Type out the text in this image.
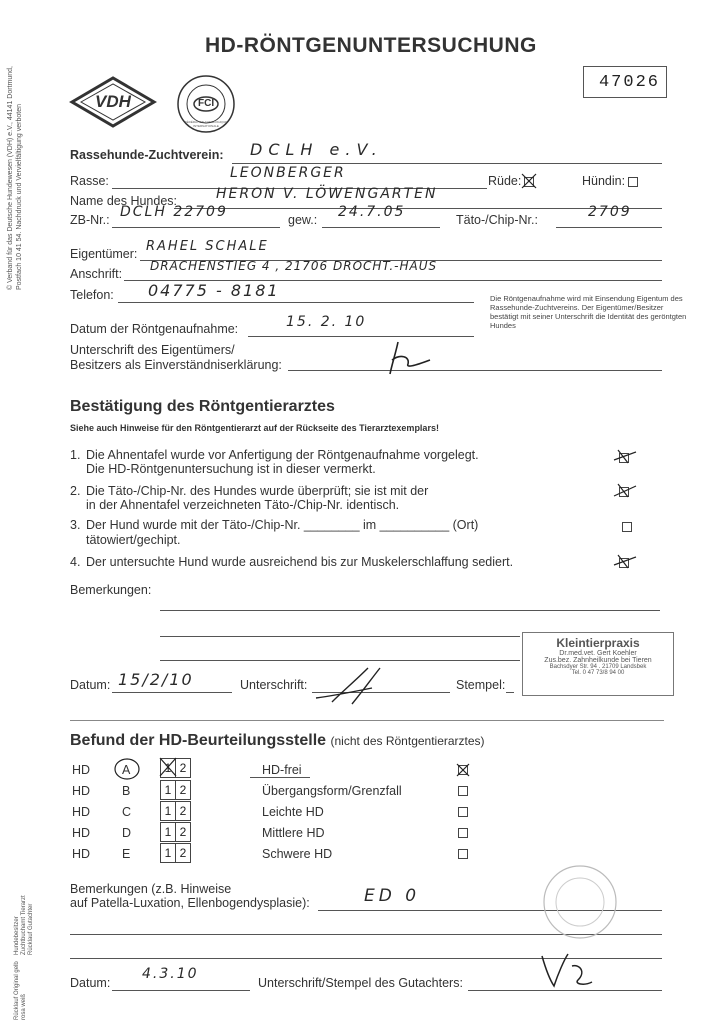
© Verband für das Deutsche Hundewesen (VDH) e.V., 44141 Dortmund, Postfach 10 41 54. Nachdruck und Vervielfältigung verboten
HD-RÖNTGENUNTERSUCHUNG
47026
VDH	FCI
FÉDÉRATION CYNOLOGIQUE INTERNATIONALE
Rassehunde-Zuchtverein: DCLH e.V.
Rasse:	LEONBERGER	Rüde:	Hündin:
Name des Hundes:	HERON V. LÖWENGARTEN
ZB-Nr.: DCLH 22709	gew.: 24.7.05	Täto-/Chip-Nr.:	2709
Eigentümer: RAHEL SCHALE
Anschrift:
DRACHENSTIEG 4 , 21706 DROCHT.-HAUS
Telefon: 04775 - 8181	Die Röntgenaufnahme wird mit Einsendung Eigentum des Rassehunde-Zuchtvereins. Der Eigentümer/Besitzer bestätigt mit seiner Unterschrift die Identität des geröntgten Hundes
Datum der Röntgenaufnahme:	15. 2. 10
Unterschrift des Eigentümers/
Besitzers als Einverständniserklärung:
Bestätigung des Röntgentierarztes
Siehe auch Hinweise für den Röntgentierarzt auf der Rückseite des Tierarztexemplars!
1. Die Ahnentafel wurde vor Anfertigung der Röntgenaufnahme vorgelegt.
Die HD-Röntgenuntersuchung ist in dieser vermerkt.
2. Die Täto-/Chip-Nr. des Hundes wurde überprüft; sie ist mit der
in der Ahnentafel verzeichneten Täto-/Chip-Nr. identisch.
3. Der Hund wurde mit der Täto-/Chip-Nr. ________ im __________ (Ort)
tätowiert/gechipt.
4. Der untersuchte Hund wurde ausreichend bis zur Muskelerschlaffung sediert.
Bemerkungen:
Datum: 15/2/10	Unterschrift:	Stempel:
Kleintierpraxis
Dr.med.vet. Gert Koehler
Zus.bez. Zahnheilkunde bei Tieren
Bachsdyer Str. 94 . 21709 Landsbek
Tel. 0 47 73/8 94 00
Befund der HD-Beurteilungsstelle (nicht des Röntgentierarztes)
HD	A	1	2	HD-frei
HD	B	1	2	Übergangsform/Grenzfall
HD	C	1	2	Leichte HD
HD	D	1	2	Mittlere HD
HD	E	1	2	Schwere HD
Bemerkungen (z.B. Hinweise
auf Patella-Luxation, Ellenbogendysplasie):	ED 0
Datum:
4.3.10
Unterschrift/Stempel des Gutachters:
Hundebesitzer Zuchtbuchamt Tierarzt Rücklauf Gutachter
Rücklauf Original gelb rosa weiß
